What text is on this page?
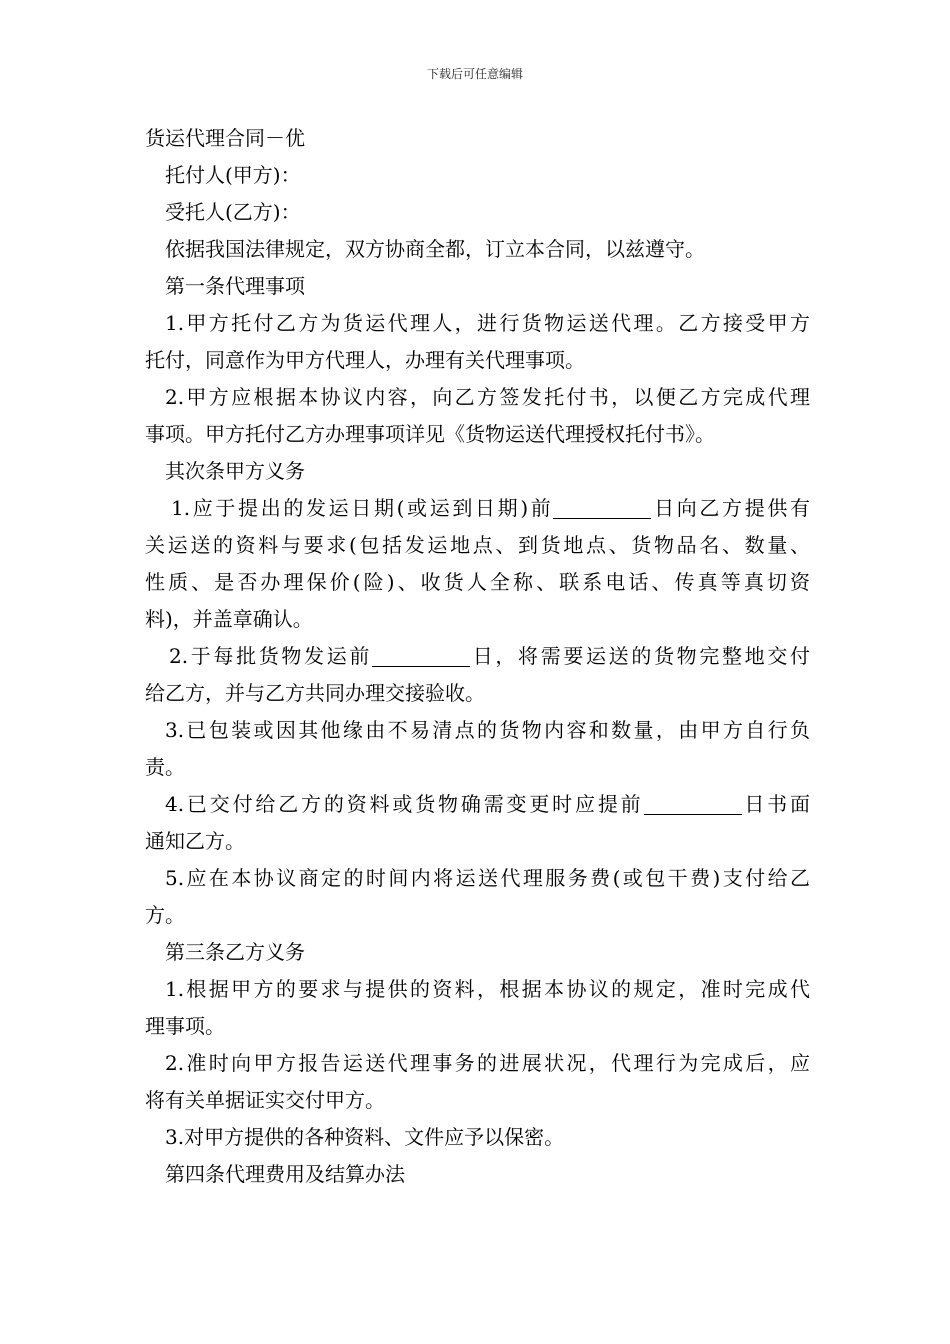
下载后可任意编辑
货运代理合同－优
托付人(甲方)：
受托人(乙方)：
依据我国法律规定，双方协商全都，订立本合同，以兹遵守。
第一条代理事项
1.甲方托付乙方为货运代理人，进行货物运送代理。乙方接受甲方
托付，同意作为甲方代理人，办理有关代理事项。
2.甲方应根据本协议内容，向乙方签发托付书，以便乙方完成代理
事项。甲方托付乙方办理事项详见《货物运送代理授权托付书》。
其次条甲方义务
1.应于提出的发运日期(或运到日期)前	日向乙方提供有
关运送的资料与要求(包括发运地点、到货地点、货物品名、数量、
性质、是否办理保价(险)、收货人全称、联系电话、传真等真切资
料)，并盖章确认。
2.于每批货物发运前	日，将需要运送的货物完整地交付
给乙方，并与乙方共同办理交接验收。
3.已包装或因其他缘由不易清点的货物内容和数量，由甲方自行负
责。
4.已交付给乙方的资料或货物确需变更时应提前	日书面
通知乙方。
5.应在本协议商定的时间内将运送代理服务费(或包干费)支付给乙
方。
第三条乙方义务
1.根据甲方的要求与提供的资料，根据本协议的规定，准时完成代
理事项。
2.准时向甲方报告运送代理事务的进展状况，代理行为完成后，应
将有关单据证实交付甲方。
3.对甲方提供的各种资料、文件应予以保密。
第四条代理费用及结算办法
